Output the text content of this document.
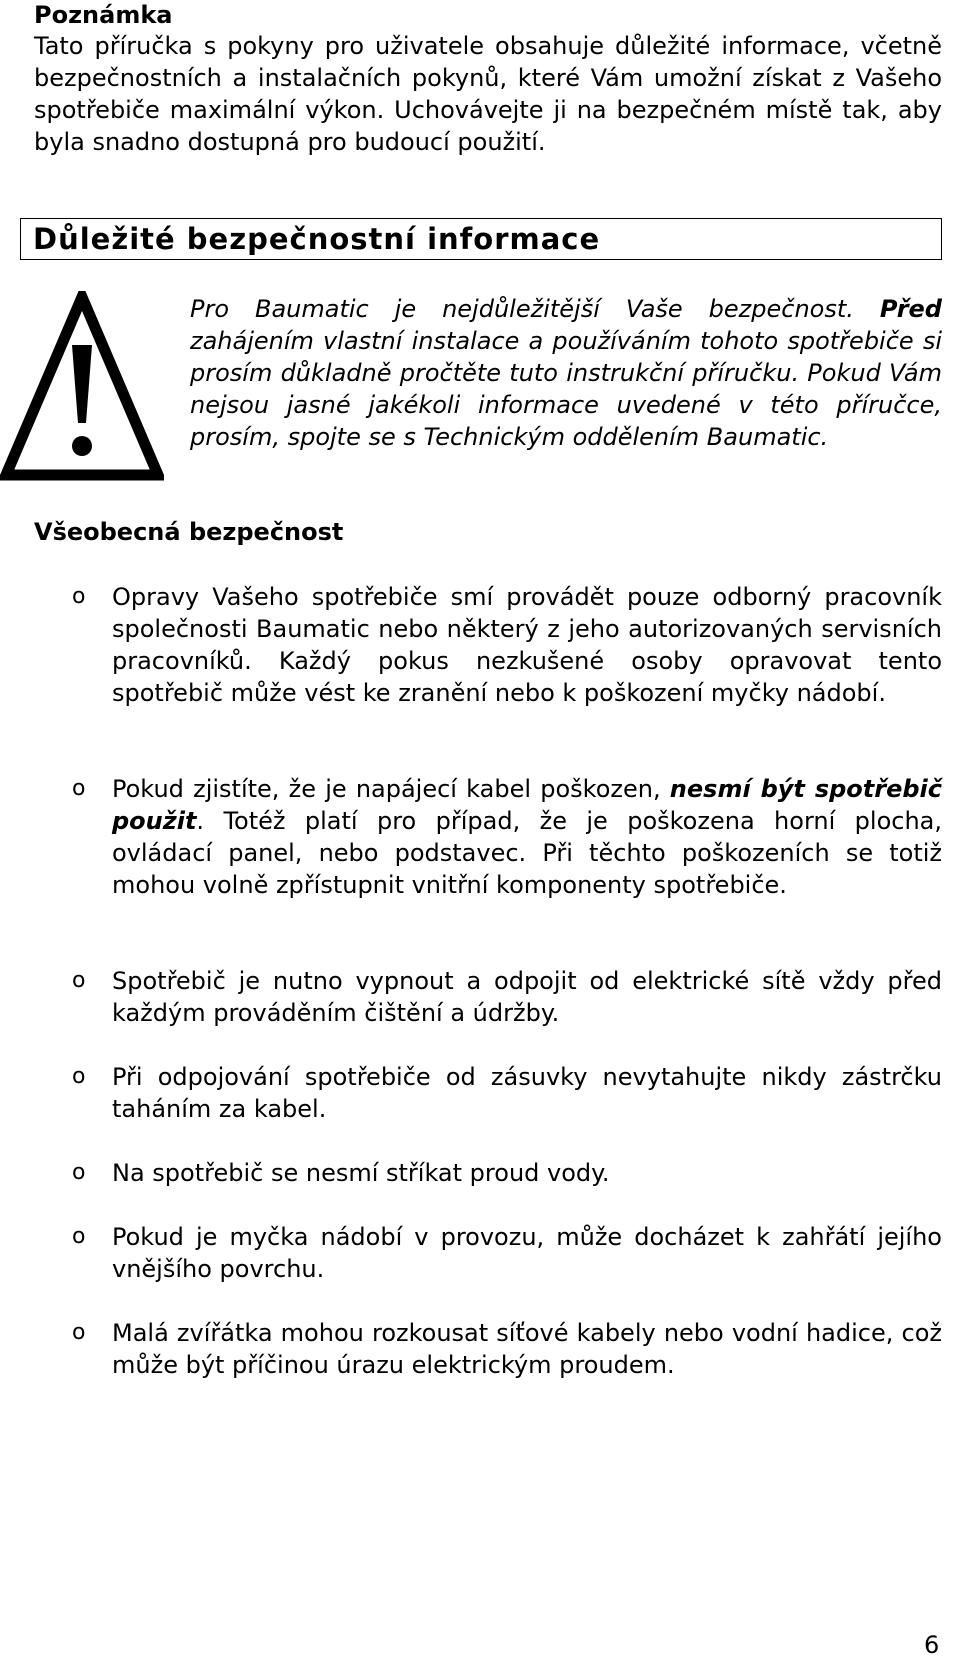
Poznámka

Tato příručka s pokyny pro uživatele obsahuje důležité informace, včetně bezpečnostních a instalačních pokynů, které Vám umožní získat z Vašeho spotřebiče maximální výkon. Uchovávejte ji na bezpečném místě tak, aby byla snadno dostupná pro budoucí použití.

Důležité bezpečnostní informace

Pro Baumatic je nejdůležitější Vaše bezpečnost. Před zahájením vlastní instalace a používáním tohoto spotřebiče si prosím důkladně pročtěte tuto instrukční příručku. Pokud Vám nejsou jasné jakékoli informace uvedené v této příručce, prosím, spojte se s Technickým oddělením Baumatic.

Všeobecná bezpečnost
o Opravy Vašeho spotřebiče smí provádět pouze odborný pracovník společnosti Baumatic nebo některý z jeho autorizovaných servisních pracovníků. Každý pokus nezkušené osoby opravovat tento spotřebič může vést ke zranění nebo k poškození myčky nádobí.

o Pokud zjistíte, že je napájecí kabel poškozen, nesmí být spotřebič použit. Totéž platí pro případ, že je poškozena horní plocha, ovládací panel, nebo podstavec. Při těchto poškozeních se totiž mohou volně zpřístupnit vnitřní komponenty spotřebiče.

o Spotřebič je nutno vypnout a odpojit od elektrické sítě vždy před každým prováděním čištění a údržby.

o Při odpojování spotřebiče od zásuvky nevytahujte nikdy zástrčku taháním za kabel.

o Na spotřebič se nesmí stříkat proud vody.

o Pokud je myčka nádobí v provozu, může docházet k zahřátí jejího vnějšího povrchu.

o Malá zvířátka mohou rozkousat síťové kabely nebo vodní hadice, což může být příčinou úrazu elektrickým proudem.

6
